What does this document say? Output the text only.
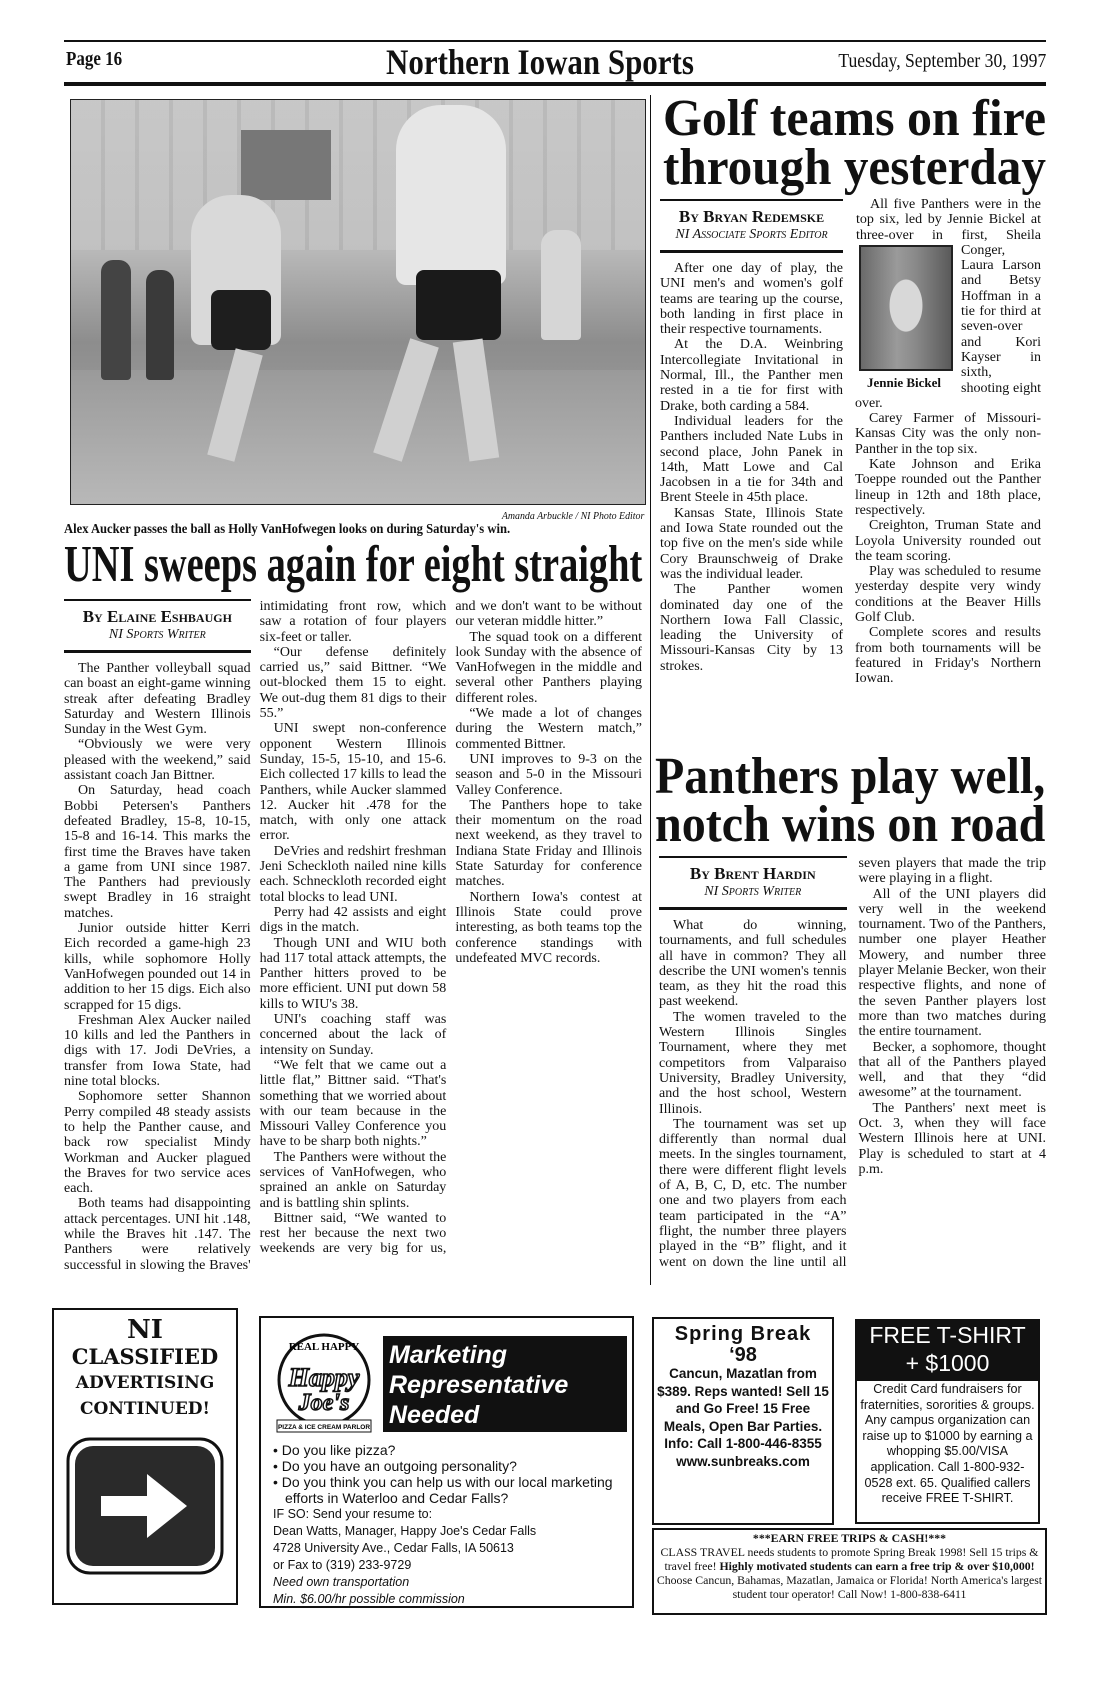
Page 16	Northern Iowan Sports	Tuesday, September 30, 1997
Amanda Arbuckle / NI Photo Editor
Alex Aucker passes the ball as Holly VanHofwegen looks on during Saturday's win.
UNI sweeps again for eight straight
By Elaine Eshbaugh
NI Sports Writer

The Panther volleyball squad can boast an eight-game winning streak after defeating Bradley Saturday and Western Illinois Sunday in the West Gym.

“Obviously we were very pleased with the weekend,” said assistant coach Jan Bittner.

On Saturday, head coach Bobbi Petersen's Panthers defeated Bradley, 15-8, 10-15, 15-8 and 16-14. This marks the first time the Braves have taken a game from UNI since 1987. The Panthers had previously swept Bradley in 16 straight matches.

Junior outside hitter Kerri Eich recorded a game-high 23 kills, while sophomore Holly VanHofwegen pounded out 14 in addition to her 15 digs. Eich also scrapped for 15 digs.

Freshman Alex Aucker nailed 10 kills and led the Panthers in digs with 17. Jodi DeVries, a transfer from Iowa State, had nine total blocks.

Sophomore setter Shannon Perry compiled 48 steady assists to help the Panther cause, and back row specialist Mindy Workman and Aucker plagued the Braves for two service aces each.

Both teams had disappointing attack percentages. UNI hit .148, while the Braves hit .147. The Panthers were relatively successful in slowing the Braves' intimidating front row, which saw a rotation of four players six-feet or taller.

“Our defense definitely carried us,” said Bittner. “We out-blocked them 15 to eight. We out-dug them 81 digs to their 55.”

UNI swept non-conference opponent Western Illinois Sunday, 15-5, 15-10, and 15-6. Eich collected 17 kills to lead the Panthers, while Aucker slammed 12. Aucker hit .478 for the match, with only one attack error.

DeVries and redshirt freshman Jeni Scheckloth nailed nine kills each. Schneckloth recorded eight total blocks to lead UNI.

Perry had 42 assists and eight digs in the match.

Though UNI and WIU both had 117 total attack attempts, the Panther hitters proved to be more efficient. UNI put down 58 kills to WIU's 38.

UNI's coaching staff was concerned about the lack of intensity on Sunday.

“We felt that we came out a little flat,” Bittner said. “That's something that we worried about with our team because in the Missouri Valley Conference you have to be sharp both nights.”

The Panthers were without the services of VanHofwegen, who sprained an ankle on Saturday and is battling shin splints.

Bittner said, “We wanted to rest her because the next two weekends are very big for us, and we don't want to be without our veteran middle hitter.”

The squad took on a different look Sunday with the absence of VanHofwegen in the middle and several other Panthers playing different roles.

“We made a lot of changes during the Western match,” commented Bittner.

UNI improves to 9-3 on the season and 5-0 in the Missouri Valley Conference.

The Panthers hope to take their momentum on the road next weekend, as they travel to Indiana State Friday and Illinois State Saturday for conference matches.

Northern Iowa's contest at Illinois State could prove interesting, as both teams top the conference standings with undefeated MVC records.

Golf teams on fire
through yesterday
By Bryan Redemske
NI Associate Sports Editor

After one day of play, the UNI men's and women's golf teams are tearing up the course, both landing in first place in their respective tournaments.

At the D.A. Weinbring Intercollegiate Invitational in Normal, Ill., the Panther men rested in a tie for first with Drake, both carding a 584.

Individual leaders for the Panthers included Nate Lubs in second place, John Panek in 14th, Matt Lowe and Cal Jacobsen in a tie for 34th and Brent Steele in 45th place.

Kansas State, Illinois State and Iowa State rounded out the top five on the men's side while Cory Braunschweig of Drake was the individual leader.

The Panther women dominated day one of the Northern Iowa Fall Classic, leading the University of Missouri-Kansas City by 13 strokes.

Jennie Bickel

All five Panthers were in the top six, led by Jennie Bickel at three-over in first, Sheila Conger, Laura Larson and Betsy Hoffman in a tie for third at seven-over and Kori Kayser in sixth, shooting eight over.

Carey Farmer of Missouri-Kansas City was the only non-Panther in the top six.

Kate Johnson and Erika Toeppe rounded out the Panther lineup in 12th and 18th place, respectively.

Creighton, Truman State and Loyola University rounded out the team scoring.

Play was scheduled to resume yesterday despite very windy conditions at the Beaver Hills Golf Club.

Complete scores and results from both tournaments will be featured in Friday's Northern Iowan.

Panthers play well,
notch wins on road
By Brent Hardin
NI Sports Writer

What do winning, tournaments, and full schedules all have in common? They all describe the UNI women's tennis team, as they hit the road this past weekend.

The women traveled to the Western Illinois Singles Tournament, where they met competitors from Valparaiso University, Bradley University, and the host school, Western Illinois.

The tournament was set up differently than normal dual meets. In the singles tournament, there were different flight levels of A, B, C, D, etc. The number one and two players from each team participated in the “A” flight, the number three players played in the “B” flight, and it went on down the line until all seven players that made the trip were playing in a flight.

All of the UNI players did very well in the weekend tournament. Two of the Panthers, number one player Heather Mowery, and number three player Melanie Becker, won their respective flights, and none of the seven Panther players lost more than two matches during the entire tournament.

Becker, a sophomore, thought that all of the Panthers played well, and that they “did awesome” at the tournament.

The Panthers' next meet is Oct. 3, when they will face Western Illinois here at UNI. Play is scheduled to start at 4 p.m.

NI
CLASSIFIED
ADVERTISING
CONTINUED!
REAL HAPPY
Happy
Joe's
PIZZA & ICE CREAM PARLOR
Marketing
Representative
Needed
• Do you like pizza?
• Do you have an outgoing personality?
• Do you think you can help us with our local marketing efforts in Waterloo and Cedar Falls?
IF SO: Send your resume to:
Dean Watts, Manager, Happy Joe's Cedar Falls
4728 University Ave., Cedar Falls, IA 50613
or Fax to (319) 233-9729
Need own transportation
Min. $6.00/hr possible commission
Spring Break
‘98
Cancun, Mazatlan from $389. Reps wanted! Sell 15 and Go Free! 15 Free Meals, Open Bar Parties. Info: Call 1-800-446-8355
www.sunbreaks.com
FREE T-SHIRT
+ $1000
Credit Card fundraisers for fraternities, sororities & groups. Any campus organization can raise up to $1000 by earning a whopping $5.00/VISA application. Call 1-800-932-0528 ext. 65. Qualified callers receive FREE T-SHIRT.
***EARN FREE TRIPS & CASH!***
CLASS TRAVEL needs students to promote Spring Break 1998! Sell 15 trips & travel free! Highly motivated students can earn a free trip & over $10,000! Choose Cancun, Bahamas, Mazatlan, Jamaica or Florida! North America's largest student tour operator! Call Now! 1-800-838-6411
